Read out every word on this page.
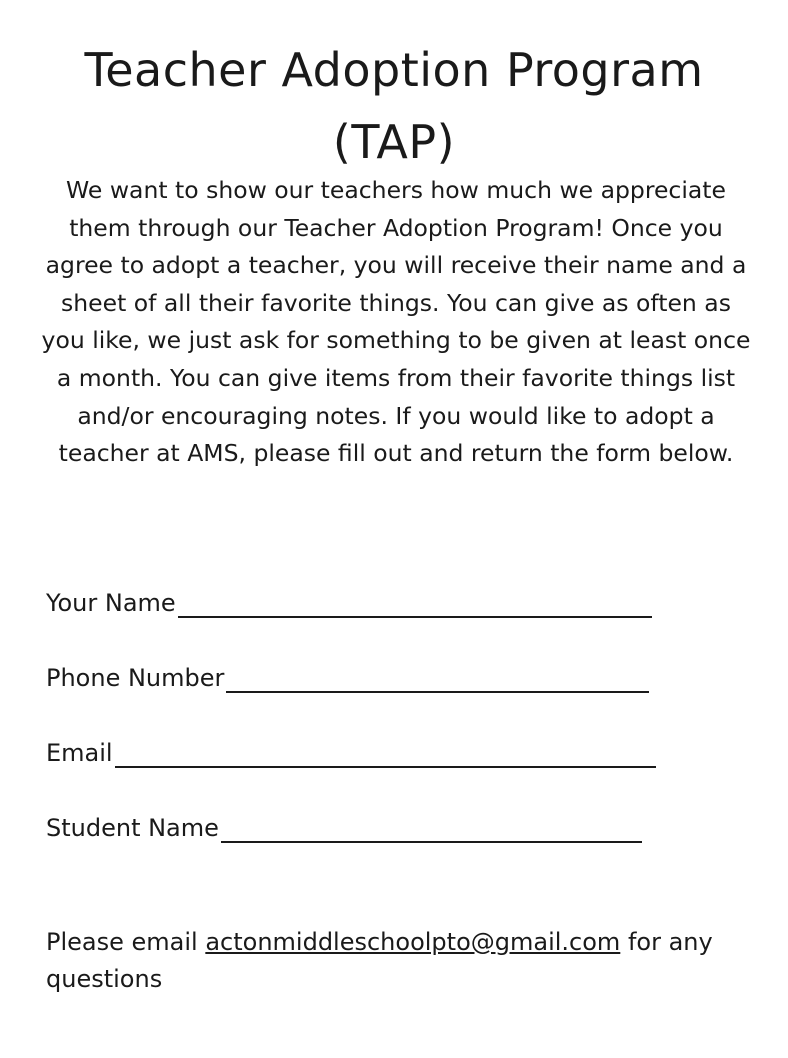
Teacher Adoption Program
(TAP)

We want to show our teachers how much we appreciate them through our Teacher Adoption Program! Once you agree to adopt a teacher, you will receive their name and a sheet of all their favorite things. You can give as often as you like, we just ask for something to be given at least once a month. You can give items from their favorite things list and/or encouraging notes. If you would like to adopt a teacher at AMS, please fill out and return the form below.

Your Name
Phone Number
Email
Student Name

Please email actonmiddleschoolpto@gmail.com for any questions
